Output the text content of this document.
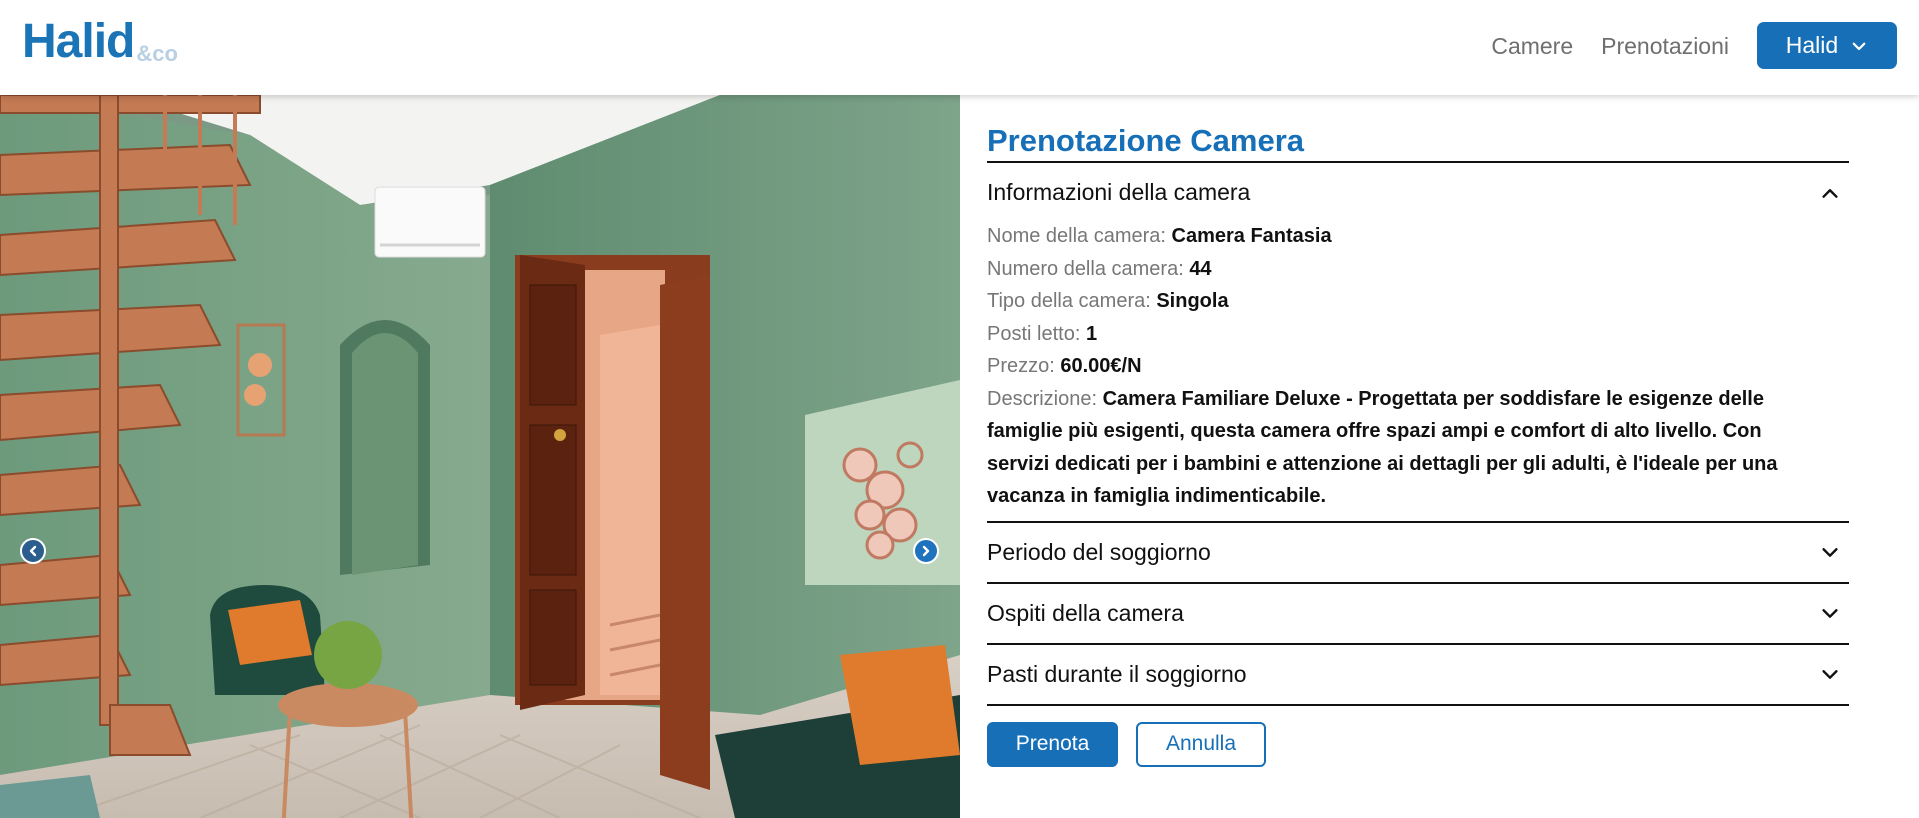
Halid &co	Camere Prenotazioni Halid
Prenotazione Camera
Informazioni della camera
Nome della camera: Camera Fantasia
Numero della camera: 44
Tipo della camera: Singola
Posti letto: 1
Prezzo: 60.00€/N
Descrizione: Camera Familiare Deluxe - Progettata per soddisfare le esigenze delle famiglie più esigenti, questa camera offre spazi ampi e comfort di alto livello. Con servizi dedicati per i bambini e attenzione ai dettagli per gli adulti, è l'ideale per una vacanza in famiglia indimenticabile.
Periodo del soggiorno
Ospiti della camera
Pasti durante il soggiorno
Prenota	Annulla
